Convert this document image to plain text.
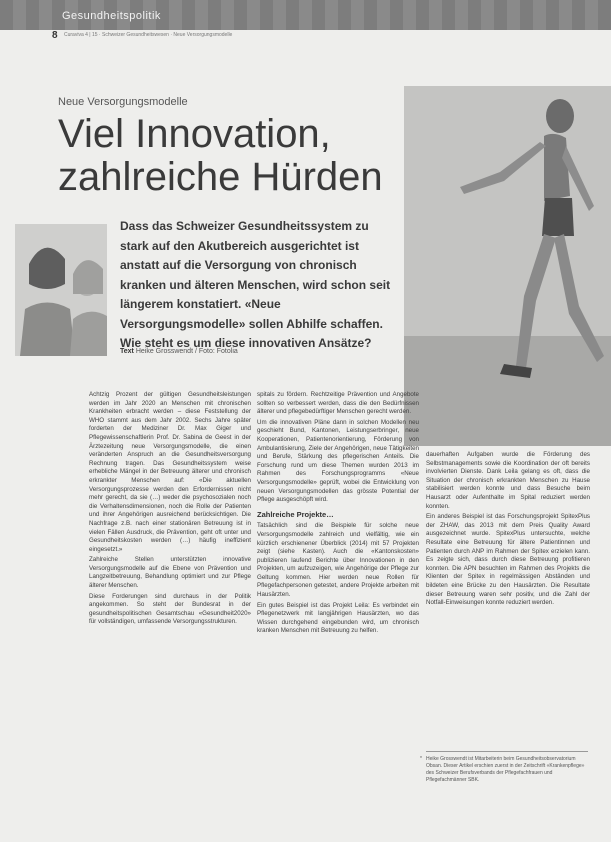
Gesundheitspolitik
8 Curaviva 4 | 15 · Schweizer Gesundheitswesen · Neue Versorgungsmodelle
Neue Versorgungsmodelle
Viel Innovation, zahlreiche Hürden
Dass das Schweizer Gesundheitssystem zu stark auf den Akutbereich ausgerichtet ist anstatt auf die Versorgung von chronisch kranken und älteren Menschen, wird schon seit längerem konstatiert. «Neue Versorgungsmodelle» sollen Abhilfe schaffen. Wie steht es um diese innovativen Ansätze?
Text Heike Grosswendt / Foto: Fotolia

Achtzig Prozent der gültigen Gesundheitsleistungen werden im Jahr 2020 an Menschen mit chronischen Krankheiten erbracht werden – diese Feststellung der WHO stammt aus dem Jahr 2002. Sechs Jahre später forderten der Mediziner Dr. Max Giger und Pflegewissenschaftlerin Prof. Dr. Sabina de Geest in der Ärztezeitung neue Versorgungsmodelle, die einen veränderten Anspruch an die Gesundheitsversorgung Rechnung tragen. Das Gesundheitssystem weise erhebliche Mängel in der Betreuung älterer und chronisch erkrankter Menschen auf: «Die aktuellen Versorgungsprozesse werden den Erfordernissen nicht mehr gerecht, da sie (…) weder die psychosozialen noch die Verhaltensdimensionen, noch die Rolle der Patienten und ihrer Angehörigen ausreichend berücksichtigen. Die Nachfrage z.B. nach einer stationären Betreuung ist in vielen Fällen Ausdruck, die Prävention, geht oft unter und Gesundheitskosten werden (…) häufig ineffizient eingesetzt.»

Zahlreiche Stellen unterstützten innovative Versorgungsmodelle auf die Ebene von Prävention und Langzeitbetreuung, Behandlung optimiert und zur Pflege älterer Menschen.

Diese Forderungen sind durchaus in der Politik angekommen. So steht der Bundesrat in der gesundheitspolitischen Gesamtschau «Gesundheit2020» für vollständigen, umfassende Versorgungsstrukturen.

spitals zu fördern. Rechtzeitige Prävention und Angebote sollten so verbessert werden, dass die den Bedürfnissen älterer und pflegebedürftiger Menschen gerecht werden.

Um die innovativen Pläne dann in solchen Modellen neu geschieht Bund, Kantonen, Leistungserbringer, neue Kooperationen, Patientenorientierung, Förderung von Ambulantisierung, Ziele der Angehörigen, neue Tätigkeiten und Berufe, Stärkung des pflegerischen Anteils. Die Forschung rund um diese Themen wurden 2013 im Rahmen des Forschungsprogramms «Neue Versorgungsmodelle» geprüft, wobei die Entwicklung von neuen Versorgungsmodellen das grösste Potential der Pflege ausgeschöpft wird.

Zahlreiche Projekte…

Tatsächlich sind die Beispiele für solche neue Versorgungsmodelle zahlreich und vielfältig, wie ein kürzlich erschienener Überblick (2014) mit 57 Projekten zeigt (siehe Kasten). Auch die «Kantonskosten» publizieren laufend Berichte über Innovationen in den Projekten, um aufzuzeigen, wie Angehörige der Pflege zur Geltung kommen. Hier werden neue Rollen für Pflegefachpersonen getestet, andere Projekte arbeiten mit Hausärzten.

Ein gutes Beispiel ist das Projekt Leila: Es verbindet ein Pflegenetzwerk mit langjährigen Hausärzten, wo das Wissen durchgehend eingebunden wird, um chronisch kranken Menschen mit Betreuung zu helfen.

dauerhaften Aufgaben wurde die Förderung des Selbstmanagements sowie die Koordination der oft bereits involvierten Dienste. Dank Leila gelang es oft, dass die Situation der chronisch erkrankten Menschen zu Hause stabilisiert werden konnte und dass Besuche beim Hausarzt oder Aufenthalte im Spital reduziert werden konnten.

Ein anderes Beispiel ist das Forschungsprojekt SpitexPlus der ZHAW, das 2013 mit dem Preis Quality Award ausgezeichnet wurde. SpitexPlus untersuchte, welche Resultate eine Betreuung für ältere Patientinnen und Patienten durch ANP im Rahmen der Spitex erzielen kann. Es zeigte sich, dass durch diese Betreuung profitieren konnten. Die APN besuchten im Rahmen des Projekts die Klienten der Spitex in regelmässigen Abständen und bildeten eine Brücke zu den Hausärzten. Die Resultate dieser Betreuung waren sehr positiv, und die Zahl der Notfall-Einweisungen konnte reduziert werden.

* Heike Grosswendt ist Mitarbeiterin beim Gesundheitsobservatorium Obsan. Dieser Artikel erschien zuerst in der Zeitschrift «Krankenpflege» des Schweizer Berufsverbands der Pflegefachfrauen und Pflegefachmänner SBK.
